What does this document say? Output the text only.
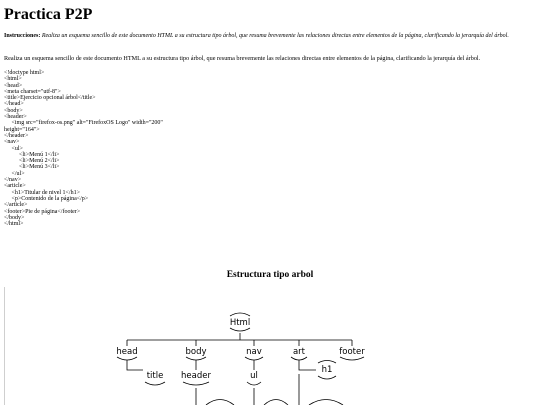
Practica P2P

Instrucciones: Realiza un esquema sencillo de este documento HTML a su estructura tipo árbol, que resuma brevemente las relaciones directas entre elementos de la página, clarificando la jerarquía del árbol.

Realiza un esquema sencillo de este documento HTML a su estructura tipo árbol, que resuma brevemente las relaciones directas entre elementos de la página, clarificando la jerarquía del árbol.

<!doctype html>
<html>
<head>
<meta charset="utf-8">
<title>Ejercicio opcional árbol</title>
</head>
<body>
<header>
<img src="firefox-os.png" alt="FirefoxOS Logo" width="200"
height="164">
</header>
<nav>
<ul>
<li>Menú 1</li>
<li>Menú 2</li>
<li>Menú 3</li>
</ul>
</nav>
<article>
<h1>Titular de nivel 1</h1>
<p>Contenido de la página</p>
</article>
<footer>Pie de página</footer>
</body>
</html>
Estructura tipo arbol
Html
head	body	nav	art	footer
title header	ul
h1
